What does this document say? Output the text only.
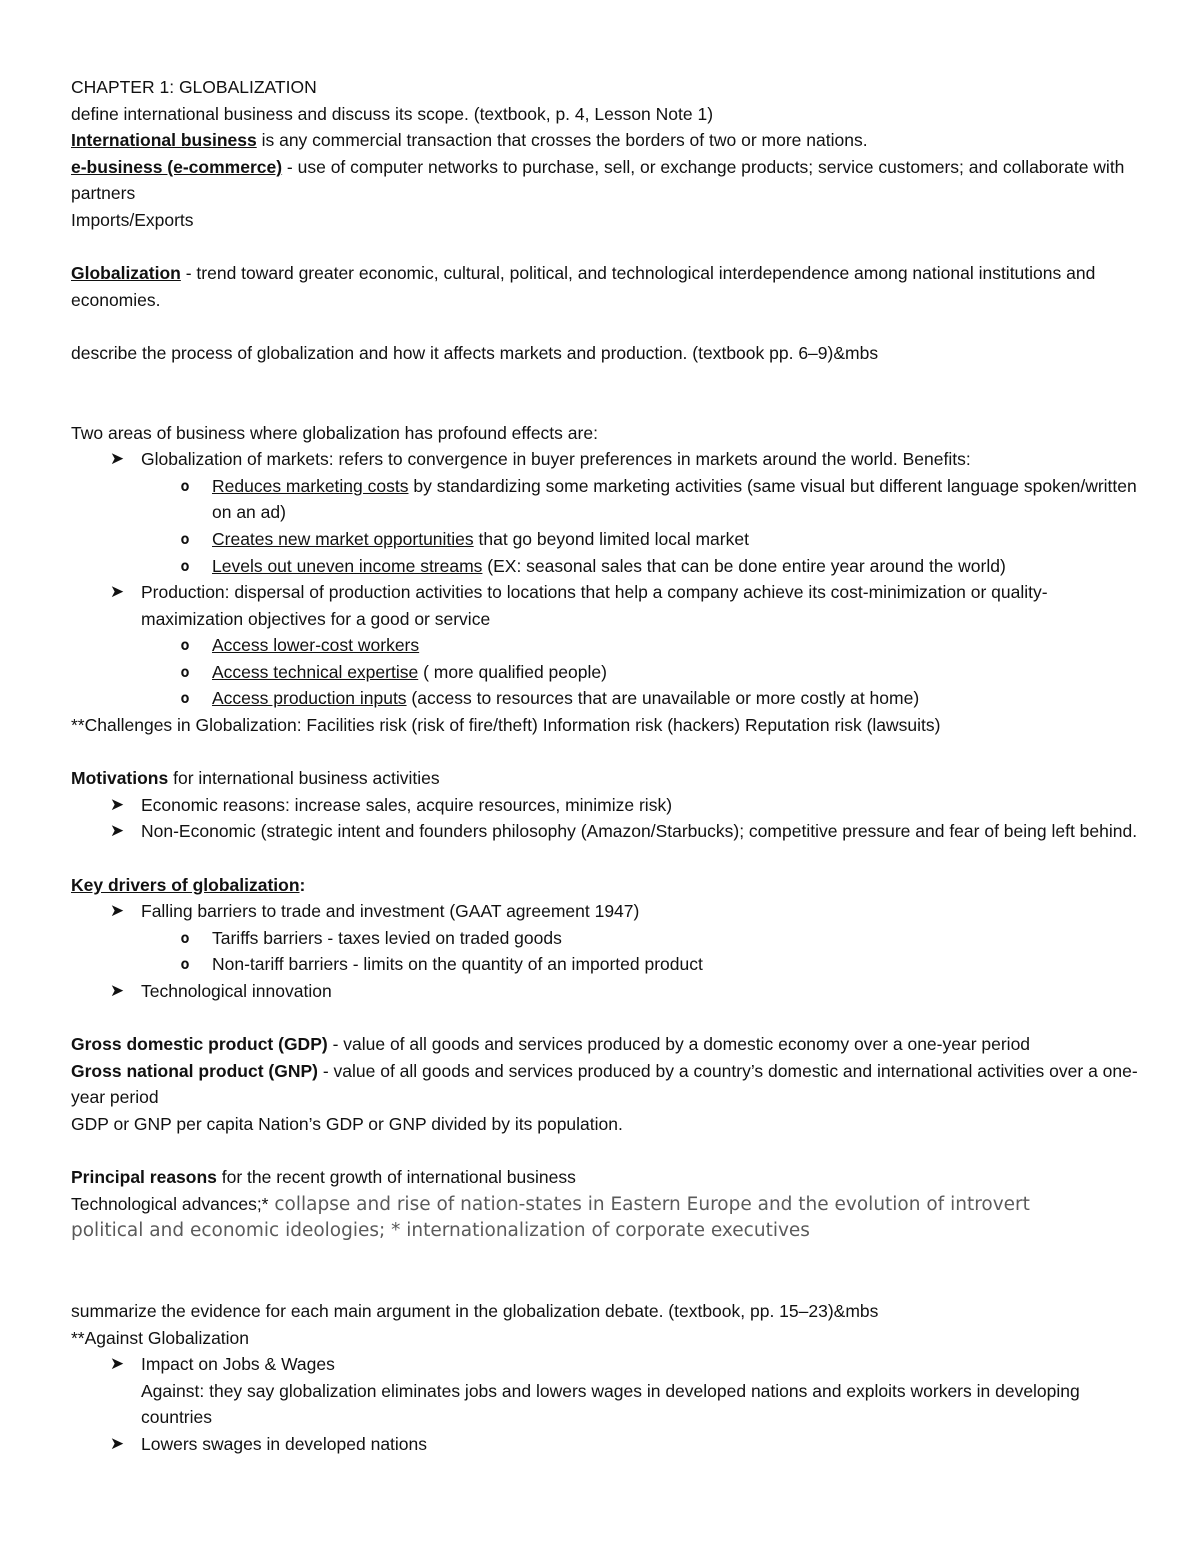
CHAPTER 1: GLOBALIZATION
define international business and discuss its scope. (textbook, p. 4, Lesson Note 1)
International business is any commercial transaction that crosses the borders of two or more nations.
e-business (e-commerce) - use of computer networks to purchase, sell, or exchange products; service customers; and collaborate with partners
Imports/Exports
Globalization - trend toward greater economic, cultural, political, and technological interdependence among national institutions and economies.
describe the process of globalization and how it affects markets and production. (textbook pp. 6–9)&mbs
Two areas of business where globalization has profound effects are:
➤ Globalization of markets: refers to convergence in buyer preferences in markets around the world. Benefits:
o Reduces marketing costs by standardizing some marketing activities (same visual but different language spoken/written on an ad)
o Creates new market opportunities that go beyond limited local market
o Levels out uneven income streams (EX: seasonal sales that can be done entire year around the world)
➤ Production: dispersal of production activities to locations that help a company achieve its cost-minimization or quality-maximization objectives for a good or service
o Access lower-cost workers
o Access technical expertise ( more qualified people)
o Access production inputs (access to resources that are unavailable or more costly at home)
**Challenges in Globalization: Facilities risk (risk of fire/theft) Information risk (hackers) Reputation risk (lawsuits)
Motivations for international business activities
➤ Economic reasons: increase sales, acquire resources, minimize risk)
➤ Non-Economic (strategic intent and founders philosophy (Amazon/Starbucks); competitive pressure and fear of being left behind.
Key drivers of globalization:
➤ Falling barriers to trade and investment (GAAT agreement 1947)
o Tariffs barriers - taxes levied on traded goods
o Non-tariff barriers - limits on the quantity of an imported product
➤ Technological innovation
Gross domestic product (GDP) - value of all goods and services produced by a domestic economy over a one-year period
Gross national product (GNP) - value of all goods and services produced by a country’s domestic and international activities over a one-year period
GDP or GNP per capita Nation’s GDP or GNP divided by its population.
Principal reasons for the recent growth of international business
Technological advances;* collapse and rise of nation-states in Eastern Europe and the evolution of introvert
political and economic ideologies; * internationalization of corporate executives
summarize the evidence for each main argument in the globalization debate. (textbook, pp. 15–23)&mbs
**Against Globalization
➤ Impact on Jobs & Wages
Against: they say globalization eliminates jobs and lowers wages in developed nations and exploits workers in developing countries
➤ Lowers swages in developed nations
